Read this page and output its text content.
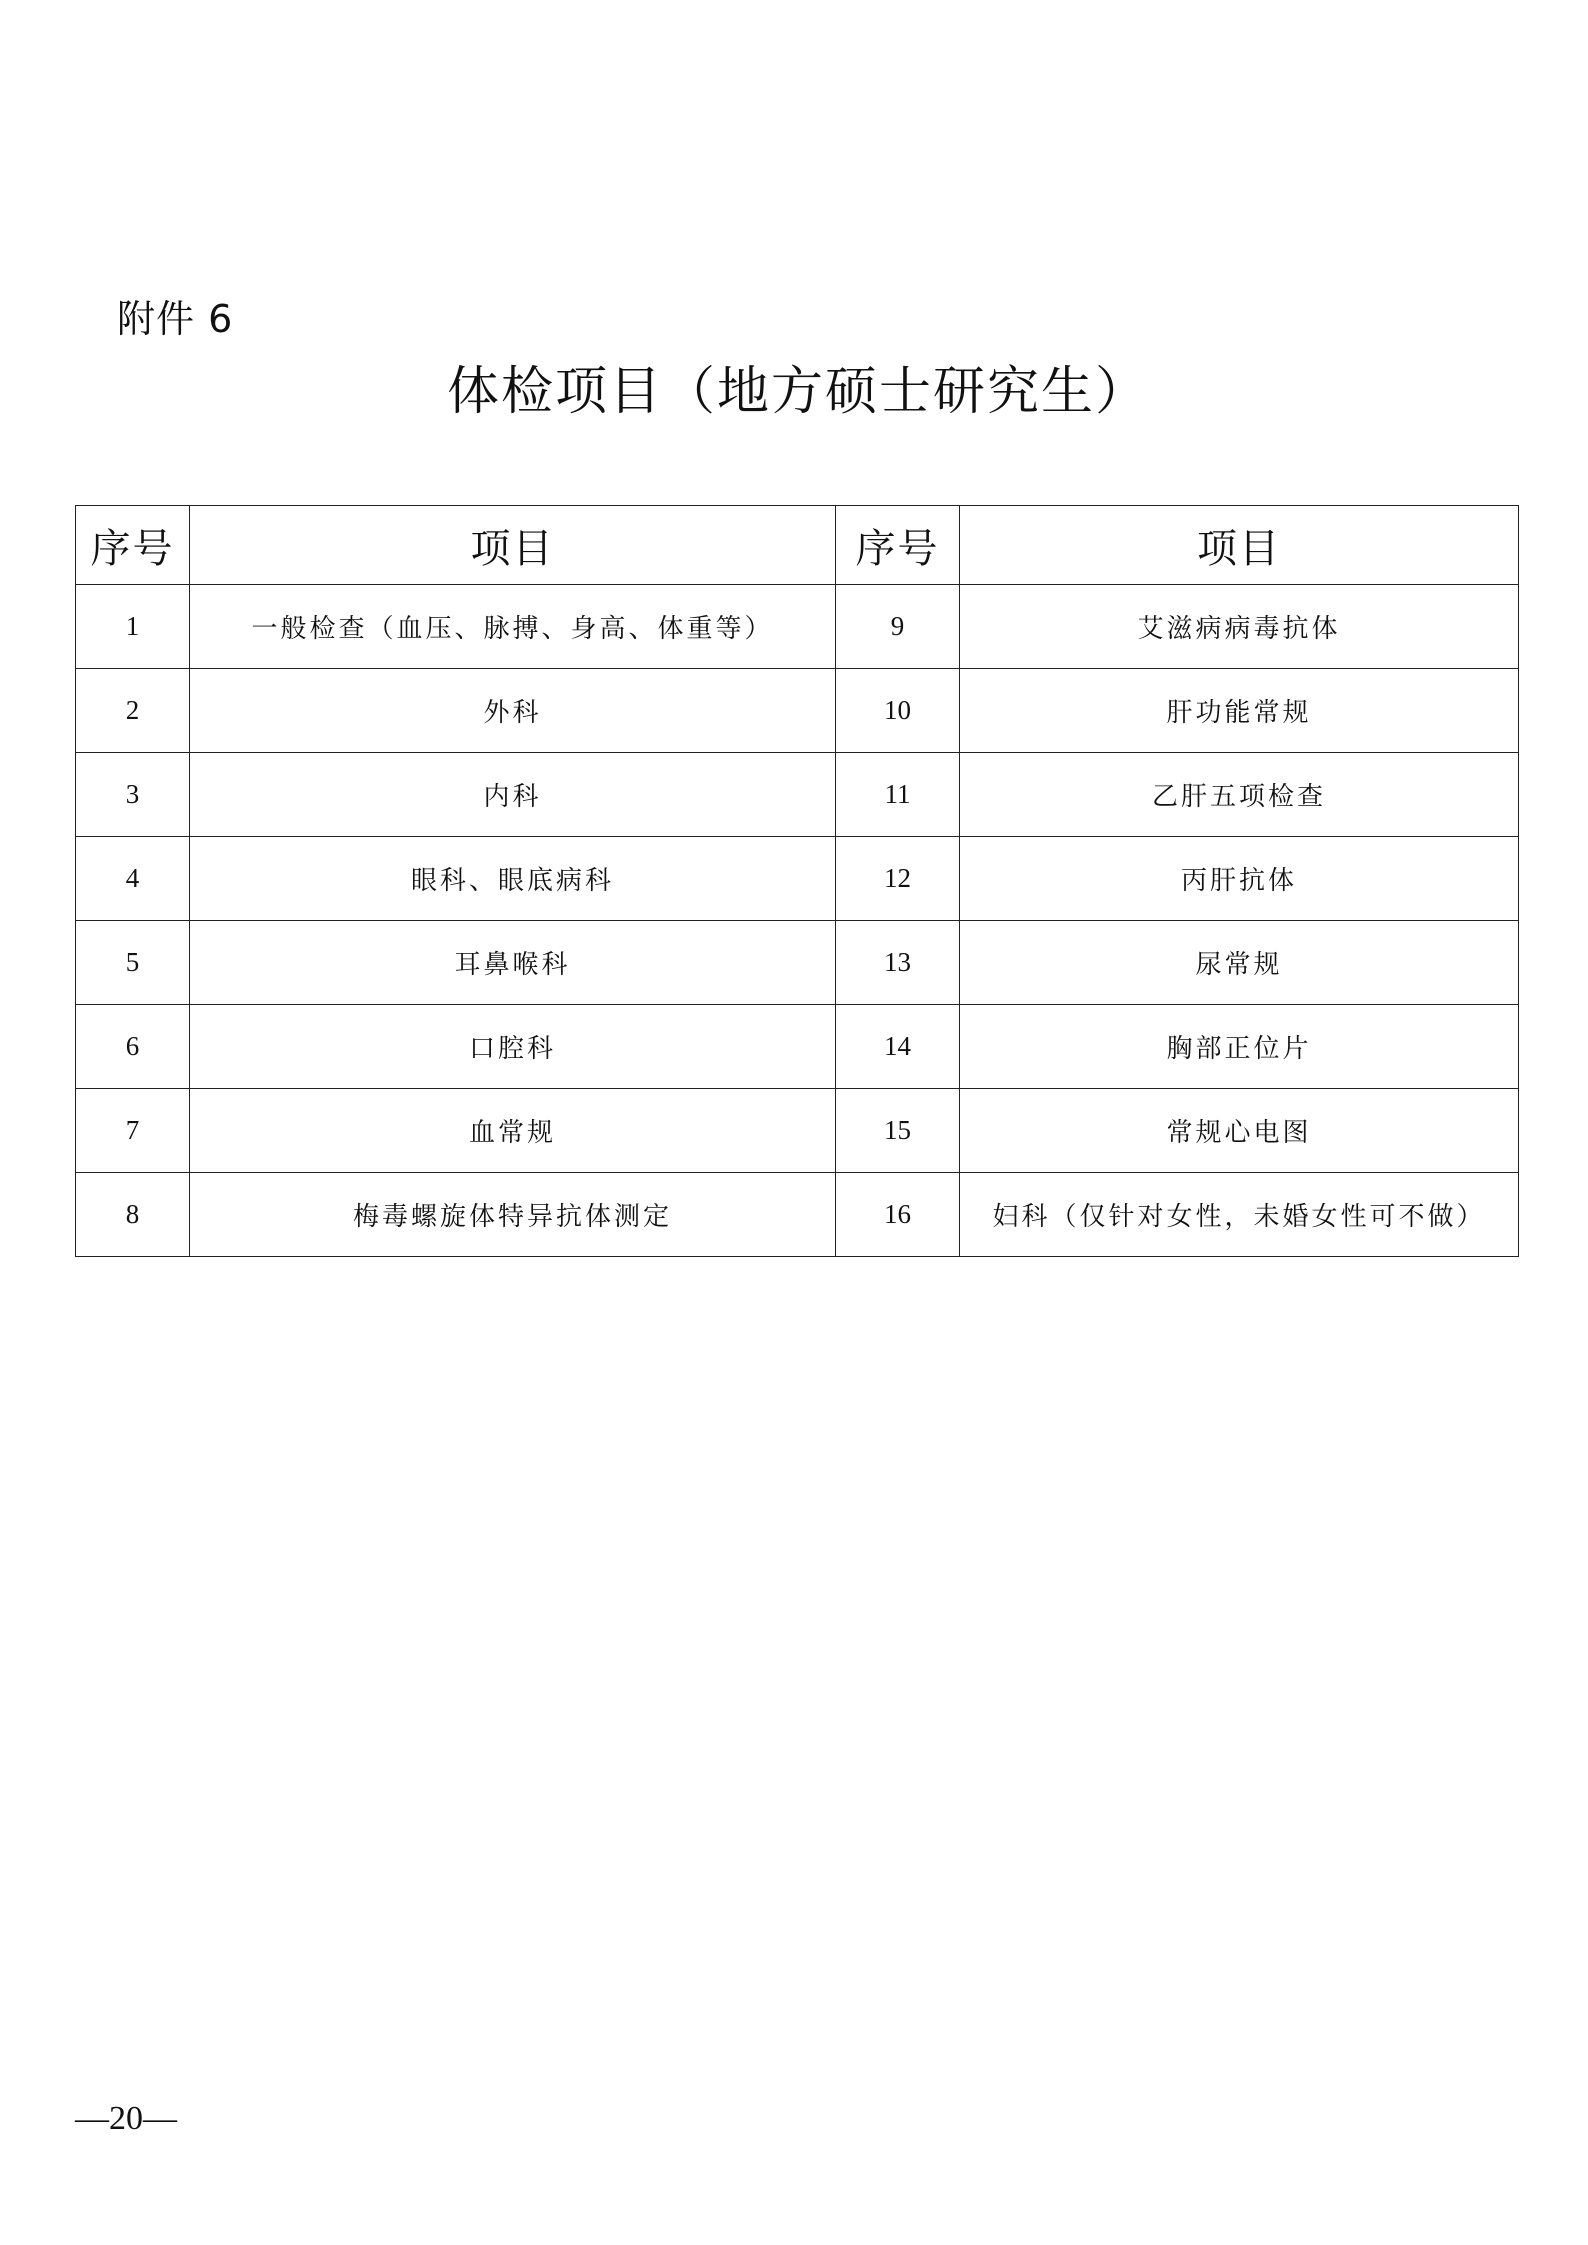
附件 6
体检项目（地方硕士研究生）
序号	项目	序号	项目
1	一般检查（血压、脉搏、身高、体重等）	9	艾滋病病毒抗体
2	外科	10	肝功能常规
3	内科	11	乙肝五项检查
4	眼科、眼底病科	12	丙肝抗体
5	耳鼻喉科	13	尿常规
6	口腔科	14	胸部正位片
7	血常规	15	常规心电图
8	梅毒螺旋体特异抗体测定	16	妇科（仅针对女性，未婚女性可不做）
—20—
